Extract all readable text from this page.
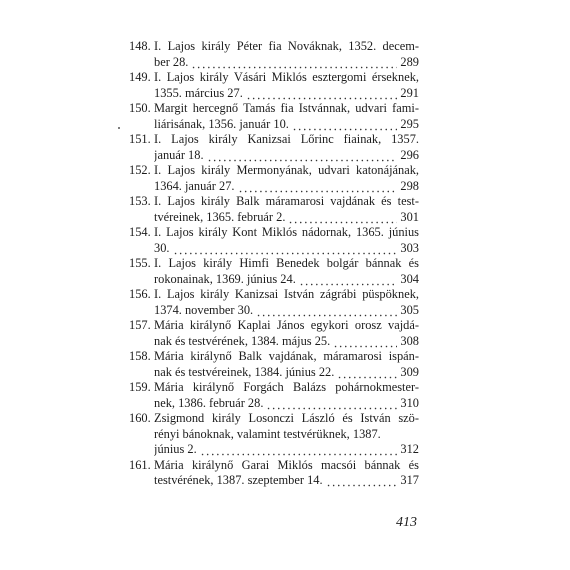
148. I. Lajos király Péter fia Nováknak, 1352. decem-
ber 28.	289
149. I. Lajos király Vásári Miklós esztergomi érseknek,
1355. március 27.	291
150. Margit hercegnő Tamás fia Istvánnak, udvari fami-
liárisának, 1356. január 10.	295
151. I. Lajos király Kanizsai Lőrinc fiainak, 1357.
január 18.	296
152. I. Lajos király Mermonyának, udvari katonájának,
1364. január 27.	298
153. I. Lajos király Balk máramarosi vajdának és test-
tvéreinek, 1365. február 2.	301
154. I. Lajos király Kont Miklós nádornak, 1365. június
30.	303
155. I. Lajos király Himfi Benedek bolgár bánnak és
rokonainak, 1369. június 24.	304
156. I. Lajos király Kanizsai István zágrábi püspöknek,
1374. november 30.	305
157. Mária királynő Kaplai János egykori orosz vajdá-
nak és testvérének, 1384. május 25.	308
158. Mária királynő Balk vajdának, máramarosi ispán-
nak és testvéreinek, 1384. június 22.	309
159. Mária királynő Forgách Balázs pohárnokmester-
nek, 1386. február 28.	310
160. Zsigmond király Losonczi László és István szö-
rényi bánoknak, valamint testvérüknek, 1387.
június 2.	312
161. Mária királynő Garai Miklós macsói bánnak és
testvérének, 1387. szeptember 14.	317
413
